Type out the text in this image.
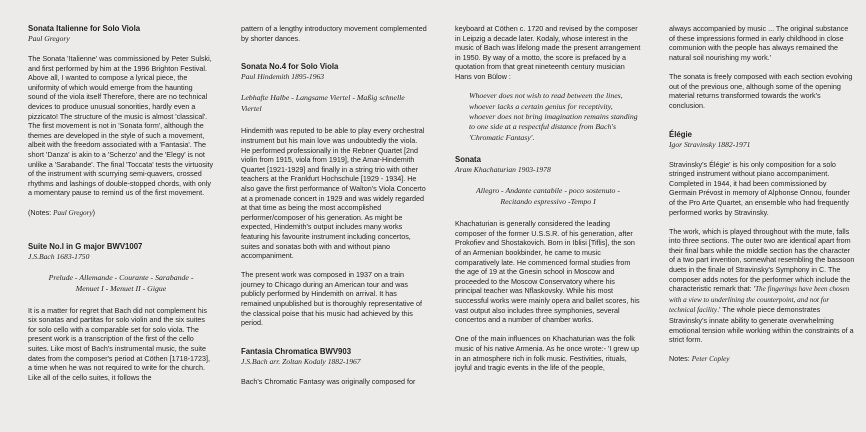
Sonata Italienne for Solo Viola
Paul Gregory

The Sonata 'Italienne' was commissioned by Peter Sulski, and first performed by him at the 1996 Brighton Festival. Above all, I wanted to compose a lyrical piece, the uniformity of which would emerge from the haunting sound of the viola itself Therefore, there are no technical devices to produce unusual sonorities, hardly even a pizzicato! The structure of the music is almost 'classical'. The first movement is not in 'Sonata form', although the themes are developed in the style of such a movement, albeit with the freedom associated with a 'Fantasia'. The short 'Danza' is akin to a 'Scherzo' and the 'Elegy' is not unlike a 'Sarabande'. The final 'Toccata' tests the virtuosity of the instrument with scurrying semi-quavers, crossed rhythms and lashings of double-stopped chords, with only a momentary pause to remind us of the first movement.

(Notes: Paul Gregory)

Suite No.l in G major BWV1007
J.S.Bach 1683-1750
Prelude - Allemande - Courante - Sarabande -
Menuet I - Menuet II - Gigue

It is a matter for regret that Bach did not complement his six sonatas and partitas for solo violin and the six suites for solo cello with a comparable set for solo viola. The present work is a transcription of the first of the cello suites. Like most of Bach's instrumental music, the suite dates from the composer's period at Cöthen [1718-1723], a time when he was not required to write for the church. Like all of the cello suites, it follows the

pattern of a lengthy introductory movement complemented by shorter dances.

Sonata No.4 for Solo Viola
Paul Hindemith 1895-1963
Lebhafte Halbe - Langsame Viertel - Maßig schnelle Viertel

Hindemith was reputed to be able to play every orchestral instrument but his main love was undoubtedly the viola. He performed professionally in the Rebner Quartet [2nd violin from 1915, viola from 1919], the Amar-Hindemith Quartet [1921-1929] and finally in a string trio with other teachers at the Frankfurt Hochschule [1929 - 1934]. He also gave the first performance of Walton's Viola Concerto at a promenade concert in 1929 and was widely regarded at that time as being the most accomplished performer/composer of his generation. As might be expected, Hindemith's output includes many works featuring his favourite instrument including concertos, suites and sonatas both with and without piano accompaniment.

The present work was composed in 1937 on a train journey to Chicago during an American tour and was publicly performed by Hindemith on arrival. It has remained unpublished but is thoroughly representative of the classical poise that his music had achieved by this period.

Fantasia Chromatica BWV903
J.S.Bach arr. Zoltan Kodaly 1882-1967

Bach's Chromatic Fantasy was originally composed for

keyboard at Cöthen c. 1720 and revised by the composer in Leipzig a decade later. Kodaly, whose interest in the music of Bach was lifelong made the present arrangement in 1950. By way of a motto, the score is prefaced by a quotation from that great nineteenth century musician Hans von Bülow :

Whoever does not wish to read between the lines, whoever lacks a certain genius for receptivity, whoever does not bring imagination remains standing to one side at a respectful distance from Bach's 'Chromatic Fantasy'.
Sonata
Aram Khachaturian 1903-1978
Allegro - Andante cantabile - poco sostenuto -
Recitando espressivo -Tempo I

Khachaturian is generally considered the leading composer of the former U.S.S.R. of his generation, after Prokofiev and Shostakovich. Born in Iblisi [Tiflis], the son of an Armenian bookbinder, he came to music comparatively late. He commenced formal studies from the age of 19 at the Gnesin school in Moscow and proceeded to the Moscow Conservatory where his principal teacher was Nflaskovsky. While his most successful works were mainly opera and ballet scores, his vast output also includes three symphonies, several concertos and a number of chamber works.

One of the main influences on Khachaturian was the folk music of his native Armenia. As he once wrote:- 'I grew up in an atmosphere rich in folk music. Festivities, rituals, joyful and tragic events in the life of the people,

always accompanied by music ... The original substance of these impressions formed in early childhood in close communion with the people has always remained the natural soil nourishing my work.'

The sonata is freely composed with each section evolving out of the previous one, although some of the opening material returns transformed towards the work's conclusion.

Élégie
Igor Stravinsky 1882-1971

Stravinsky's Élégie' is his only composition for a solo stringed instrument without piano accompaniment. Completed in 1944, it had been commissioned by Germain Prévost in memory of Alphonse Onnou, founder of the Pro Arte Quartet, an ensemble who had frequently performed works by Stravinsky.

The work, which is played throughout with the mute, falls into three sections. The outer two are identical apart from their final bars while the middle section has the character of a two part invention, somewhat resembling the bassoon duets in the finale of Stravinsky's Symphony in C. The composer adds notes for the performer which include the characteristic remark that: 'The fingerings have been chosen with a view to underlining the counterpoint, and not for technical facility.' The whole piece demonstrates Stravinsky's innate ability to generate overwhelming emotional tension while working within the constraints of a strict form.

Notes: Peter Copley
